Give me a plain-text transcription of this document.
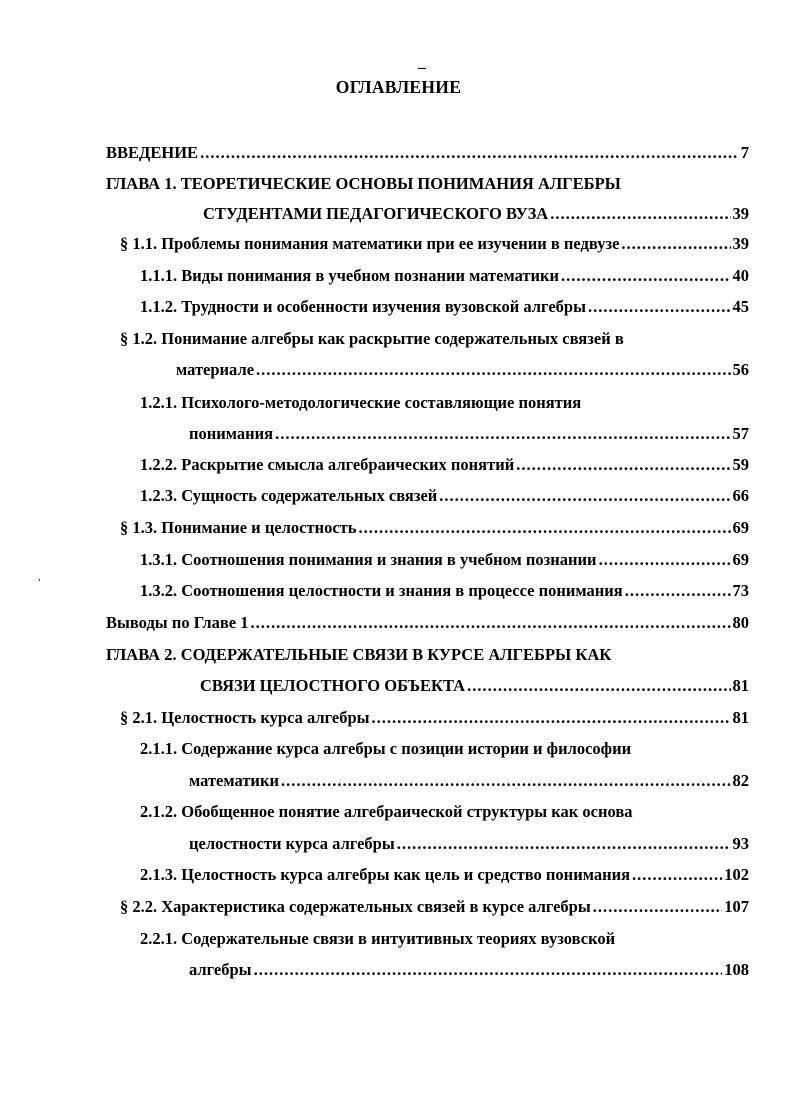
–
ОГЛАВЛЕНИЕ
,
ВВЕДЕНИЕ .....	7
ГЛАВА 1. ТЕОРЕТИЧЕСКИЕ ОСНОВЫ ПОНИМАНИЯ АЛГЕБРЫ
СТУДЕНТАМИ ПЕДАГОГИЧЕСКОГО ВУЗА .....	39
§ 1.1. Проблемы понимания математики при ее изучении в педвузе .....	39
1.1.1. Виды понимания в учебном познании математики .....	40
1.1.2. Трудности и особенности изучения вузовской алгебры .....	45
§ 1.2. Понимание алгебры как раскрытие содержательных связей в
материале .....	56
1.2.1. Психолого-методологические составляющие понятия
понимания .....	57
1.2.2. Раскрытие смысла алгебраических понятий .....	59
1.2.3. Сущность содержательных связей .....	66
§ 1.3. Понимание и целостность .....	69
1.3.1. Соотношения понимания и знания в учебном познании .....	69
1.3.2. Соотношения целостности и знания в процессе понимания .....	73
Выводы по Главе 1 .....	80
ГЛАВА 2. СОДЕРЖАТЕЛЬНЫЕ СВЯЗИ В КУРСЕ АЛГЕБРЫ КАК
СВЯЗИ ЦЕЛОСТНОГО ОБЪЕКТА .....	81
§ 2.1. Целостность курса алгебры .....	81
2.1.1. Содержание курса алгебры с позиции истории и философии
математики .....	82
2.1.2. Обобщенное понятие алгебраической структуры как основа
целостности курса алгебры .....	93
2.1.3. Целостность курса алгебры как цель и средство понимания .....	102
§ 2.2. Характеристика содержательных связей в курсе алгебры .....	107
2.2.1. Содержательные связи в интуитивных теориях вузовской
алгебры .....	108
